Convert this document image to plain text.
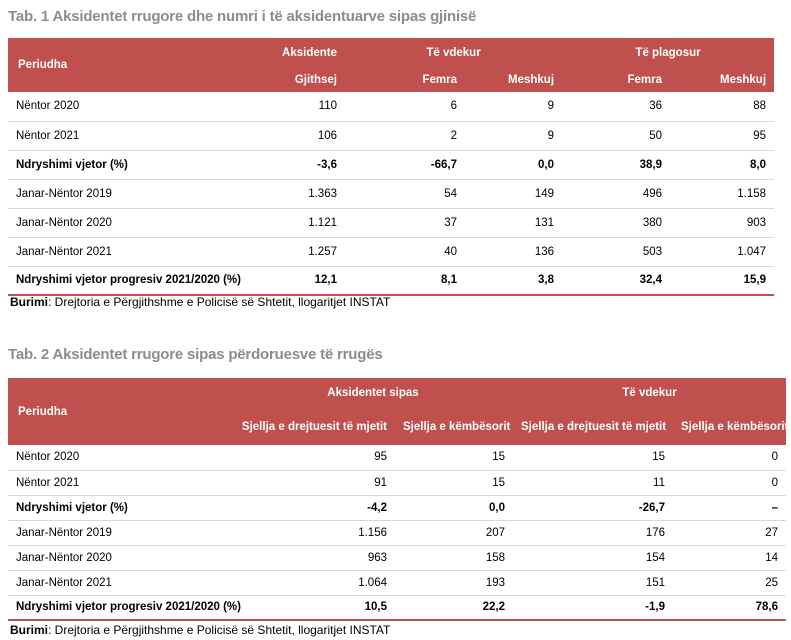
Tab. 1 Aksidentet rrugore dhe numri i të aksidentuarve sipas gjinisë
Periudha	Aksidente	Të vdekur		Të plagosur	
	Gjithsej	Femra	Meshkuj	Femra	Meshkuj
Nëntor 2020	110	6	9	36	88
Nëntor 2021	106	2	9	50	95
Ndryshimi vjetor (%)	-3,6	-66,7	0,0	38,9	8,0
Janar-Nëntor 2019	1.363	54	149	496	1.158
Janar-Nëntor 2020	1.121	37	131	380	903
Janar-Nëntor 2021	1.257	40	136	503	1.047
Ndryshimi vjetor progresiv 2021/2020 (%)	12,1	8,1	3,8	32,4	15,9
Burimi: Drejtoria e Përgjithshme e Policisë së Shtetit, llogaritjet INSTAT
Tab. 2 Aksidentet rrugore sipas përdoruesve të rrugës
Periudha	Aksidentet sipas		Të vdekur	
	Sjellja e drejtuesit të mjetit	Sjellja e këmbësorit	Sjellja e drejtuesit të mjetit	Sjellja e këmbësorit
Nëntor 2020	95	15	15	0
Nëntor 2021	91	15	11	0
Ndryshimi vjetor (%)	-4,2	0,0	-26,7	–
Janar-Nëntor 2019	1.156	207	176	27
Janar-Nëntor 2020	963	158	154	14
Janar-Nëntor 2021	1.064	193	151	25
Ndryshimi vjetor progresiv 2021/2020 (%)	10,5	22,2	-1,9	78,6
Burimi: Drejtoria e Përgjithshme e Policisë së Shtetit, llogaritjet INSTAT
